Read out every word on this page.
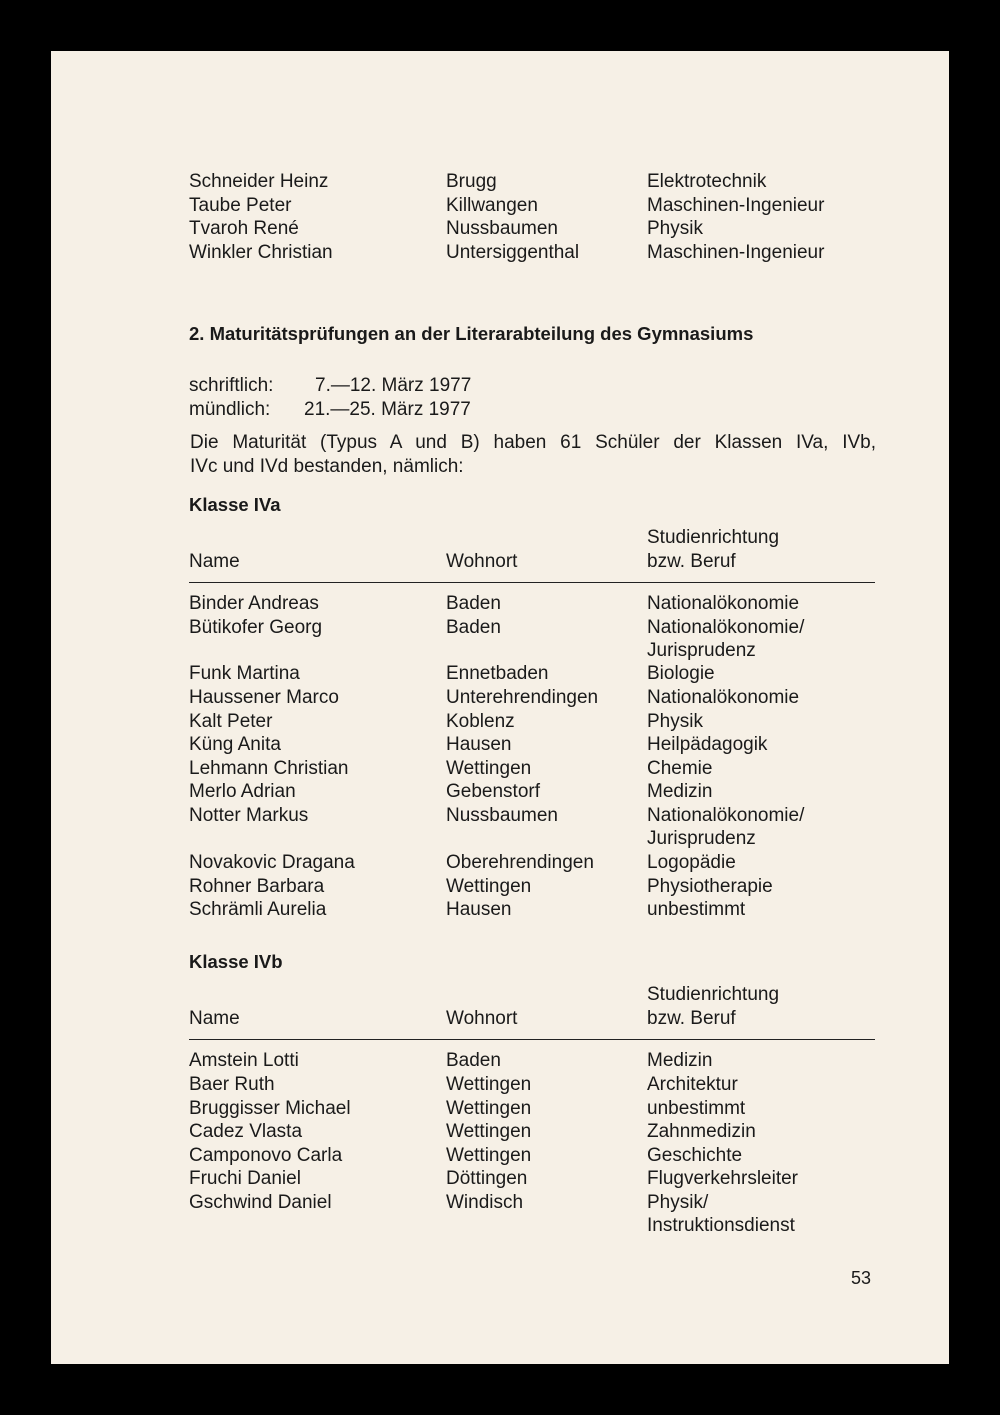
Schneider Heinz	Brugg	Elektrotechnik
Taube Peter	Killwangen	Maschinen-Ingenieur
Tvaroh René	Nussbaumen	Physik
Winkler Christian	Untersiggenthal	Maschinen-Ingenieur
2. Maturitätsprüfungen an der Literarabteilung des Gymnasiums
schriftlich: 7.—12. März 1977
mündlich: 21.—25. März 1977
Die Maturität (Typus A und B) haben 61 Schüler der Klassen IVa, IVb,
IVc und IVd bestanden, nämlich:
Klasse IVa
Studienrichtung
Name	Wohnort	bzw. Beruf
Binder Andreas	Baden	Nationalökonomie
Bütikofer Georg	Baden	Nationalökonomie/
Jurisprudenz
Funk Martina	Ennetbaden	Biologie
Haussener Marco	Unterehrendingen	Nationalökonomie
Kalt Peter	Koblenz	Physik
Küng Anita	Hausen	Heilpädagogik
Lehmann Christian	Wettingen	Chemie
Merlo Adrian	Gebenstorf	Medizin
Notter Markus	Nussbaumen	Nationalökonomie/
Jurisprudenz
Novakovic Dragana	Oberehrendingen	Logopädie
Rohner Barbara	Wettingen	Physiotherapie
Schrämli Aurelia	Hausen	unbestimmt
Klasse IVb
Studienrichtung
Name	Wohnort	bzw. Beruf
Amstein Lotti	Baden	Medizin
Baer Ruth	Wettingen	Architektur
Bruggisser Michael	Wettingen	unbestimmt
Cadez Vlasta	Wettingen	Zahnmedizin
Camponovo Carla	Wettingen	Geschichte
Fruchi Daniel	Döttingen	Flugverkehrsleiter
Gschwind Daniel	Windisch	Physik/
Instruktionsdienst
53
